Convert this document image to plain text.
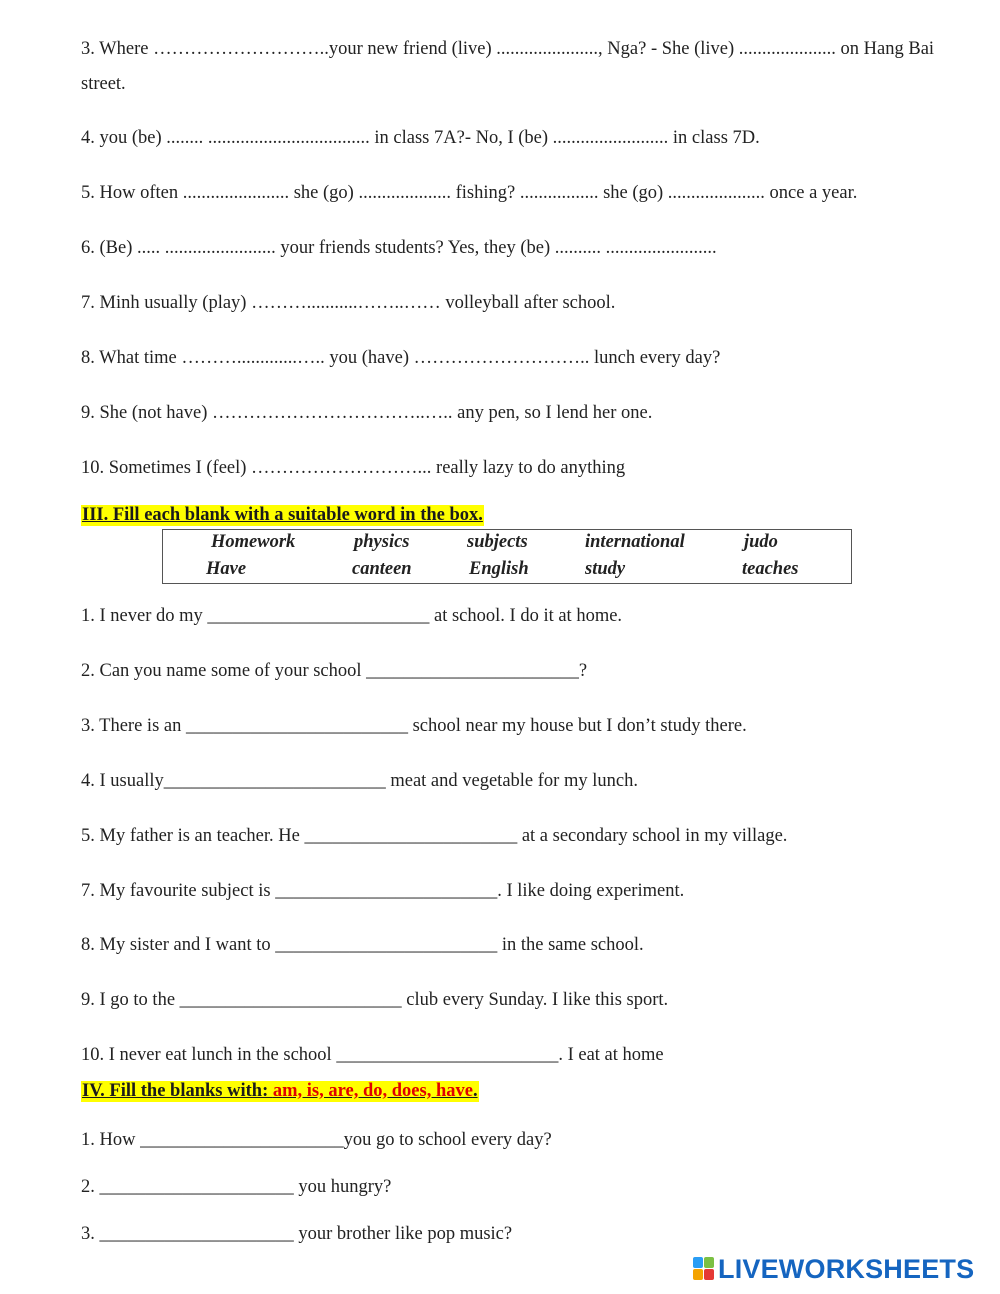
3. Where ………………………..your new friend (live) ......................, Nga? - She (live) ..................... on Hang Bai street.
4. you (be) ........ ................................... in class 7A?- No, I (be) ......................... in class 7D.
5. How often ....................... she (go) .................... fishing? ................. she (go) ..................... once a year.
6. (Be) ..... ........................ your friends students? Yes, they (be) .......... ........................
7. Minh usually (play) ………...........……..…… volleyball after school.
8. What time ……….............….. you (have) ……………………….. lunch every day?
9. She (not have) ……………………………..….. any pen, so I lend her one.
10. Sometimes I (feel) ………………………... really lazy to do anything
III. Fill each blank with a suitable word in the box.
Homework	physics	subjects	international	judo
Have	canteen	English	study	teaches
1. I never do my ________________________ at school. I do it at home.
2. Can you name some of your school _______________________?
3. There is an ________________________ school near my house but I don’t study there.
4. I usually________________________ meat and vegetable for my lunch.
5. My father is an teacher. He _______________________ at a secondary school in my village.
7. My favourite subject is ________________________. I like doing experiment.
8. My sister and I want to ________________________ in the same school.
9. I go to the ________________________ club every Sunday. I like this sport.
10. I never eat lunch in the school ________________________. I eat at home
IV. Fill the blanks with: am, is, are, do, does, have.
1. How ______________________you go to school every day?
2. _____________________ you hungry?
3. _____________________ your brother like pop music?
LIVEWORKSHEETS
